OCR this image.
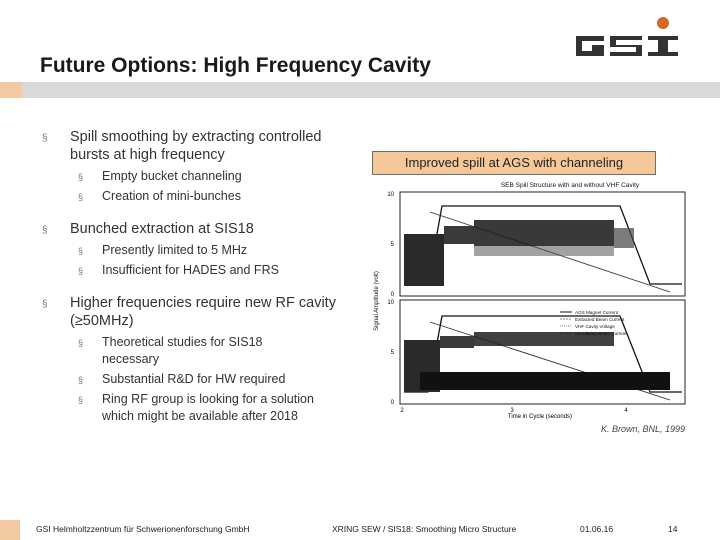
Future Options: High Frequency Cavity
§ Spill smoothing by extracting controlled bursts at high frequency
§ Empty bucket channeling
§ Creation of mini-bunches
§ Bunched extraction at SIS18
§ Presently limited to 5 MHz
§ Insufficient for HADES and FRS
§ Higher frequencies require new RF cavity (≥50MHz)
§ Theoretical studies for SIS18 necessary
§ Substantial R&D for HW required
§ Ring RF group is looking for a solution which might be available after 2018
Improved spill at AGS with channeling
SEB Spill Structure with and without VHF Cavity
Signal Amplitude (volt)
10
5
0
10
5
0
AGS Magnet Current
Extracted Beam Current
VHF Cavity Voltage
Circulating Beam Current
2	3	4
Time in Cycle (seconds)
K. Brown, BNL, 1999
GSI Helmholtzzentrum für Schwerionenforschung GmbH	XRING SEW / SIS18: Smoothing Micro Structure	01.06.16	14
